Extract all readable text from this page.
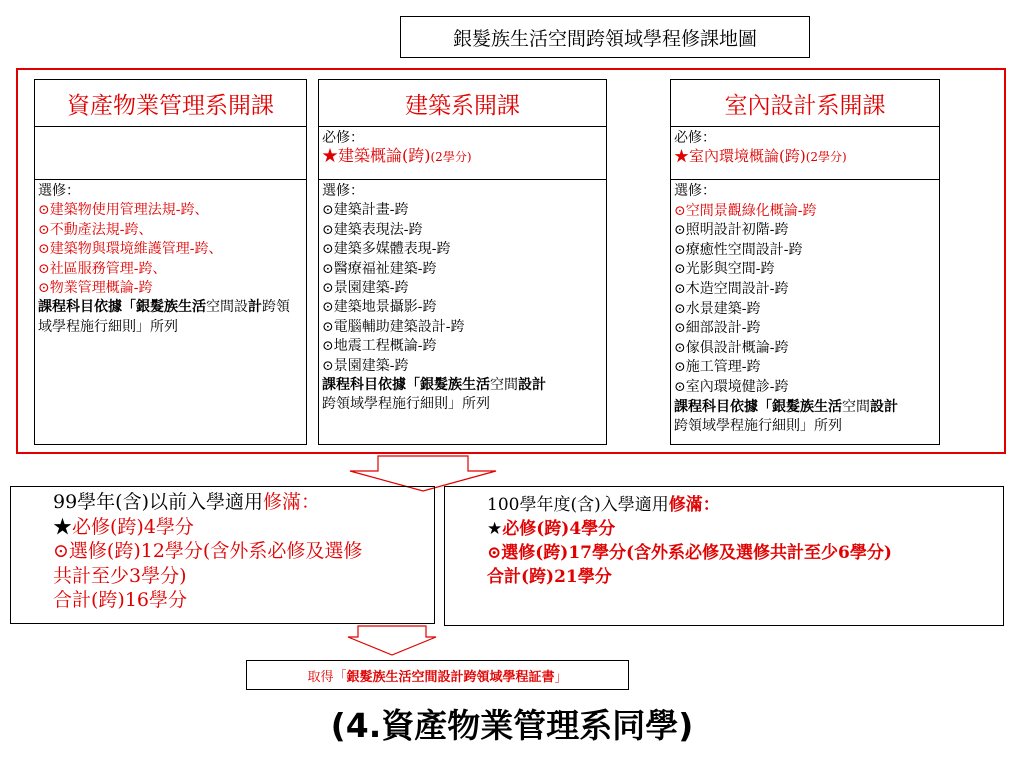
銀髮族生活空間跨領域學程修課地圖
資產物業管理系開課
選修：
⊙建築物使用管理法規-跨、
⊙不動產法規-跨、
⊙建築物與環境維護管理-跨、
⊙社區服務管理-跨、
⊙物業管理概論-跨
課程科目依據「銀髮族生活空間設計跨領域學程施行細則」所列
建築系開課
必修：
★建築概論(跨)(2學分)
選修：
⊙建築計畫-跨
⊙建築表現法-跨
⊙建築多媒體表現-跨
⊙醫療福祉建築-跨
⊙景園建築-跨
⊙建築地景攝影-跨
⊙電腦輔助建築設計-跨
⊙地震工程概論-跨
⊙景園建築-跨
課程科目依據「銀髮族生活空間設計
跨領域學程施行細則」所列
室內設計系開課
必修：
★室內環境概論(跨)(2學分)
選修：
⊙空間景觀綠化概論-跨
⊙照明設計初階-跨
⊙療癒性空間設計-跨
⊙光影與空間-跨
⊙木造空間設計-跨
⊙水景建築-跨
⊙細部設計-跨
⊙傢俱設計概論-跨
⊙施工管理-跨
⊙室內環境健診-跨
課程科目依據「銀髮族生活空間設計
跨領域學程施行細則」所列
99學年(含)以前入學適用修滿：
★必修(跨)4學分
⊙選修(跨)12學分(含外系必修及選修
共計至少3學分)
合計(跨)16學分
100學年度(含)入學適用修滿：
★必修(跨)4學分
⊙選修(跨)17學分(含外系必修及選修共計至少6學分)
合計(跨)21學分
取得「 銀髮族生活空間設計跨領域學程証書 」
(4.資產物業管理系同學)
